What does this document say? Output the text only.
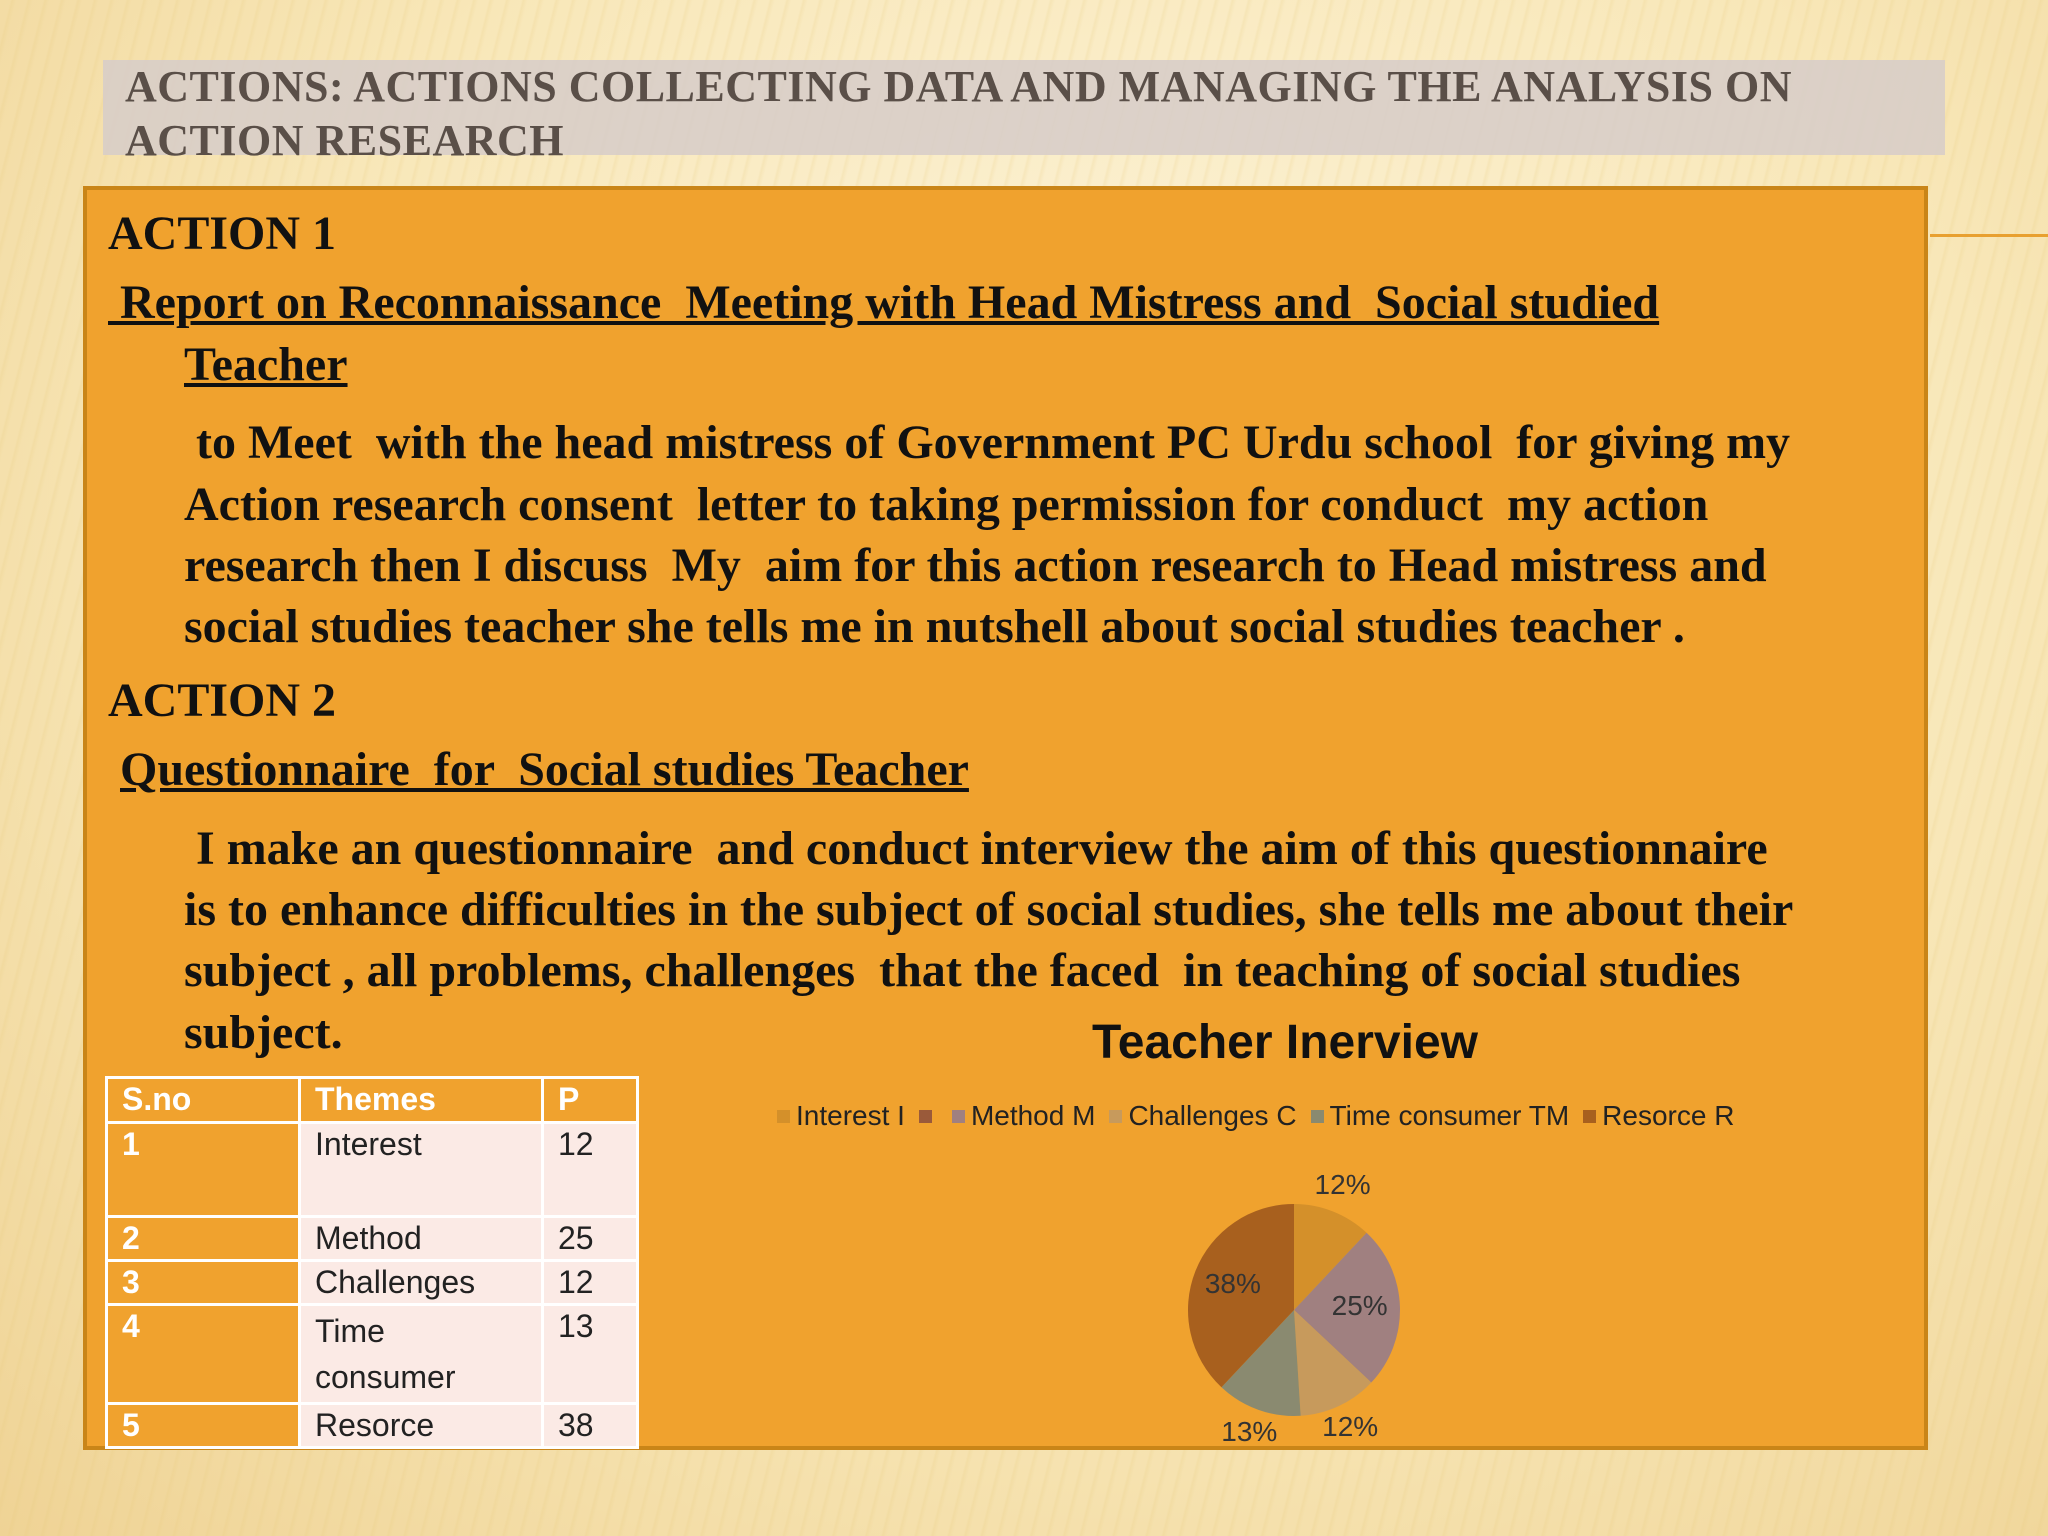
ACTIONS: ACTIONS COLLECTING DATA AND MANAGING THE ANALYSIS ON ACTION RESEARCH
ACTION 1
Report on Reconnaissance  Meeting with Head Mistress and  Social studied
Teacher
to Meet  with the head mistress of Government PC Urdu school  for giving my
Action research consent  letter to taking permission for conduct  my action
research then I discuss  My  aim for this action research to Head mistress and
social studies teacher she tells me in nutshell about social studies teacher .
ACTION 2
Questionnaire  for  Social studies Teacher
I make an questionnaire  and conduct interview the aim of this questionnaire
is to enhance difficulties in the subject of social studies, she tells me about their
subject , all problems, challenges  that the faced  in teaching of social studies
subject.
S.no	Themes	P
1	Interest	12
2	Method	25
3	Challenges	12
4	Time consumer	13
5	Resorce	38
Teacher Inerview
Interest I Method M Challenges C Time consumer TM Resorce R
12%
25%
12%
13%
38%
